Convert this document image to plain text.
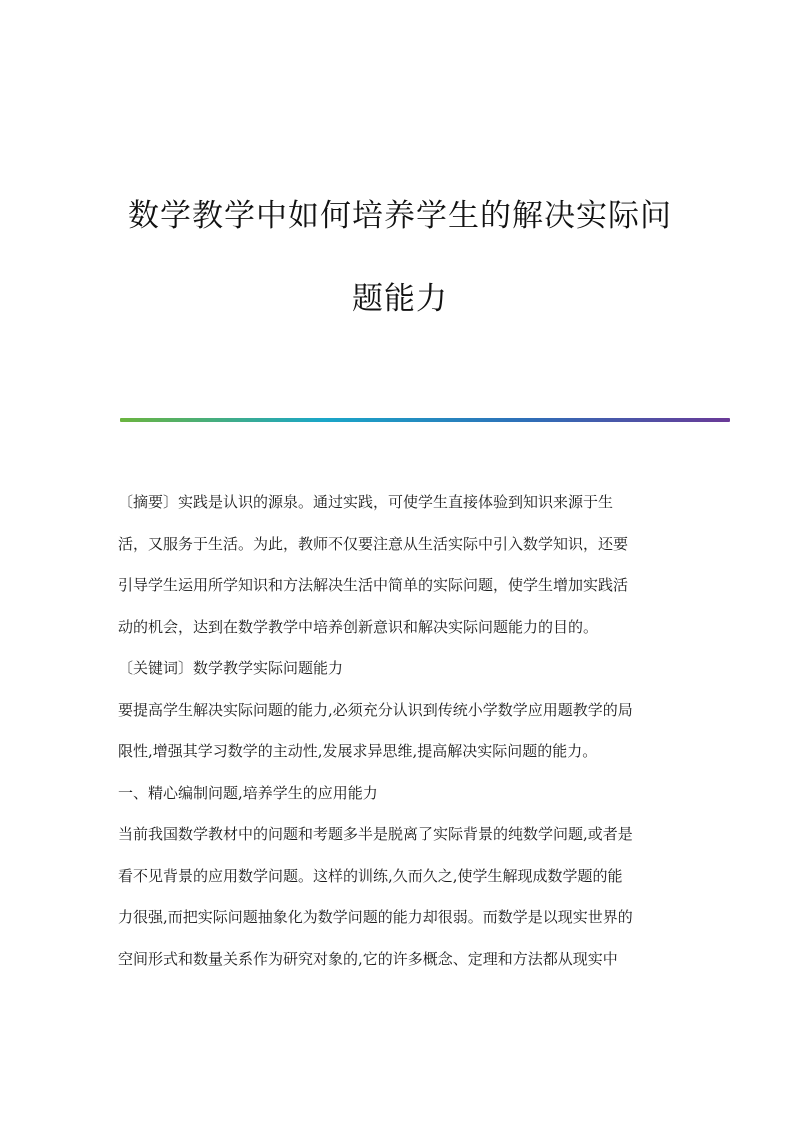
数学教学中如何培养学生的解决实际问
题能力
〔摘要〕实践是认识的源泉。通过实践，可使学生直接体验到知识来源于生
活，又服务于生活。为此，教师不仅要注意从生活实际中引入数学知识，还要
引导学生运用所学知识和方法解决生活中简单的实际问题，使学生增加实践活
动的机会，达到在数学教学中培养创新意识和解决实际问题能力的目的。
〔关键词〕数学教学实际问题能力
要提高学生解决实际问题的能力,必须充分认识到传统小学数学应用题教学的局
限性,增强其学习数学的主动性,发展求异思维,提高解决实际问题的能力。
一、精心编制问题,培养学生的应用能力
当前我国数学教材中的问题和考题多半是脱离了实际背景的纯数学问题,或者是
看不见背景的应用数学问题。这样的训练,久而久之,使学生解现成数学题的能
力很强,而把实际问题抽象化为数学问题的能力却很弱。而数学是以现实世界的
空间形式和数量关系作为研究对象的,它的许多概念、定理和方法都从现实中
